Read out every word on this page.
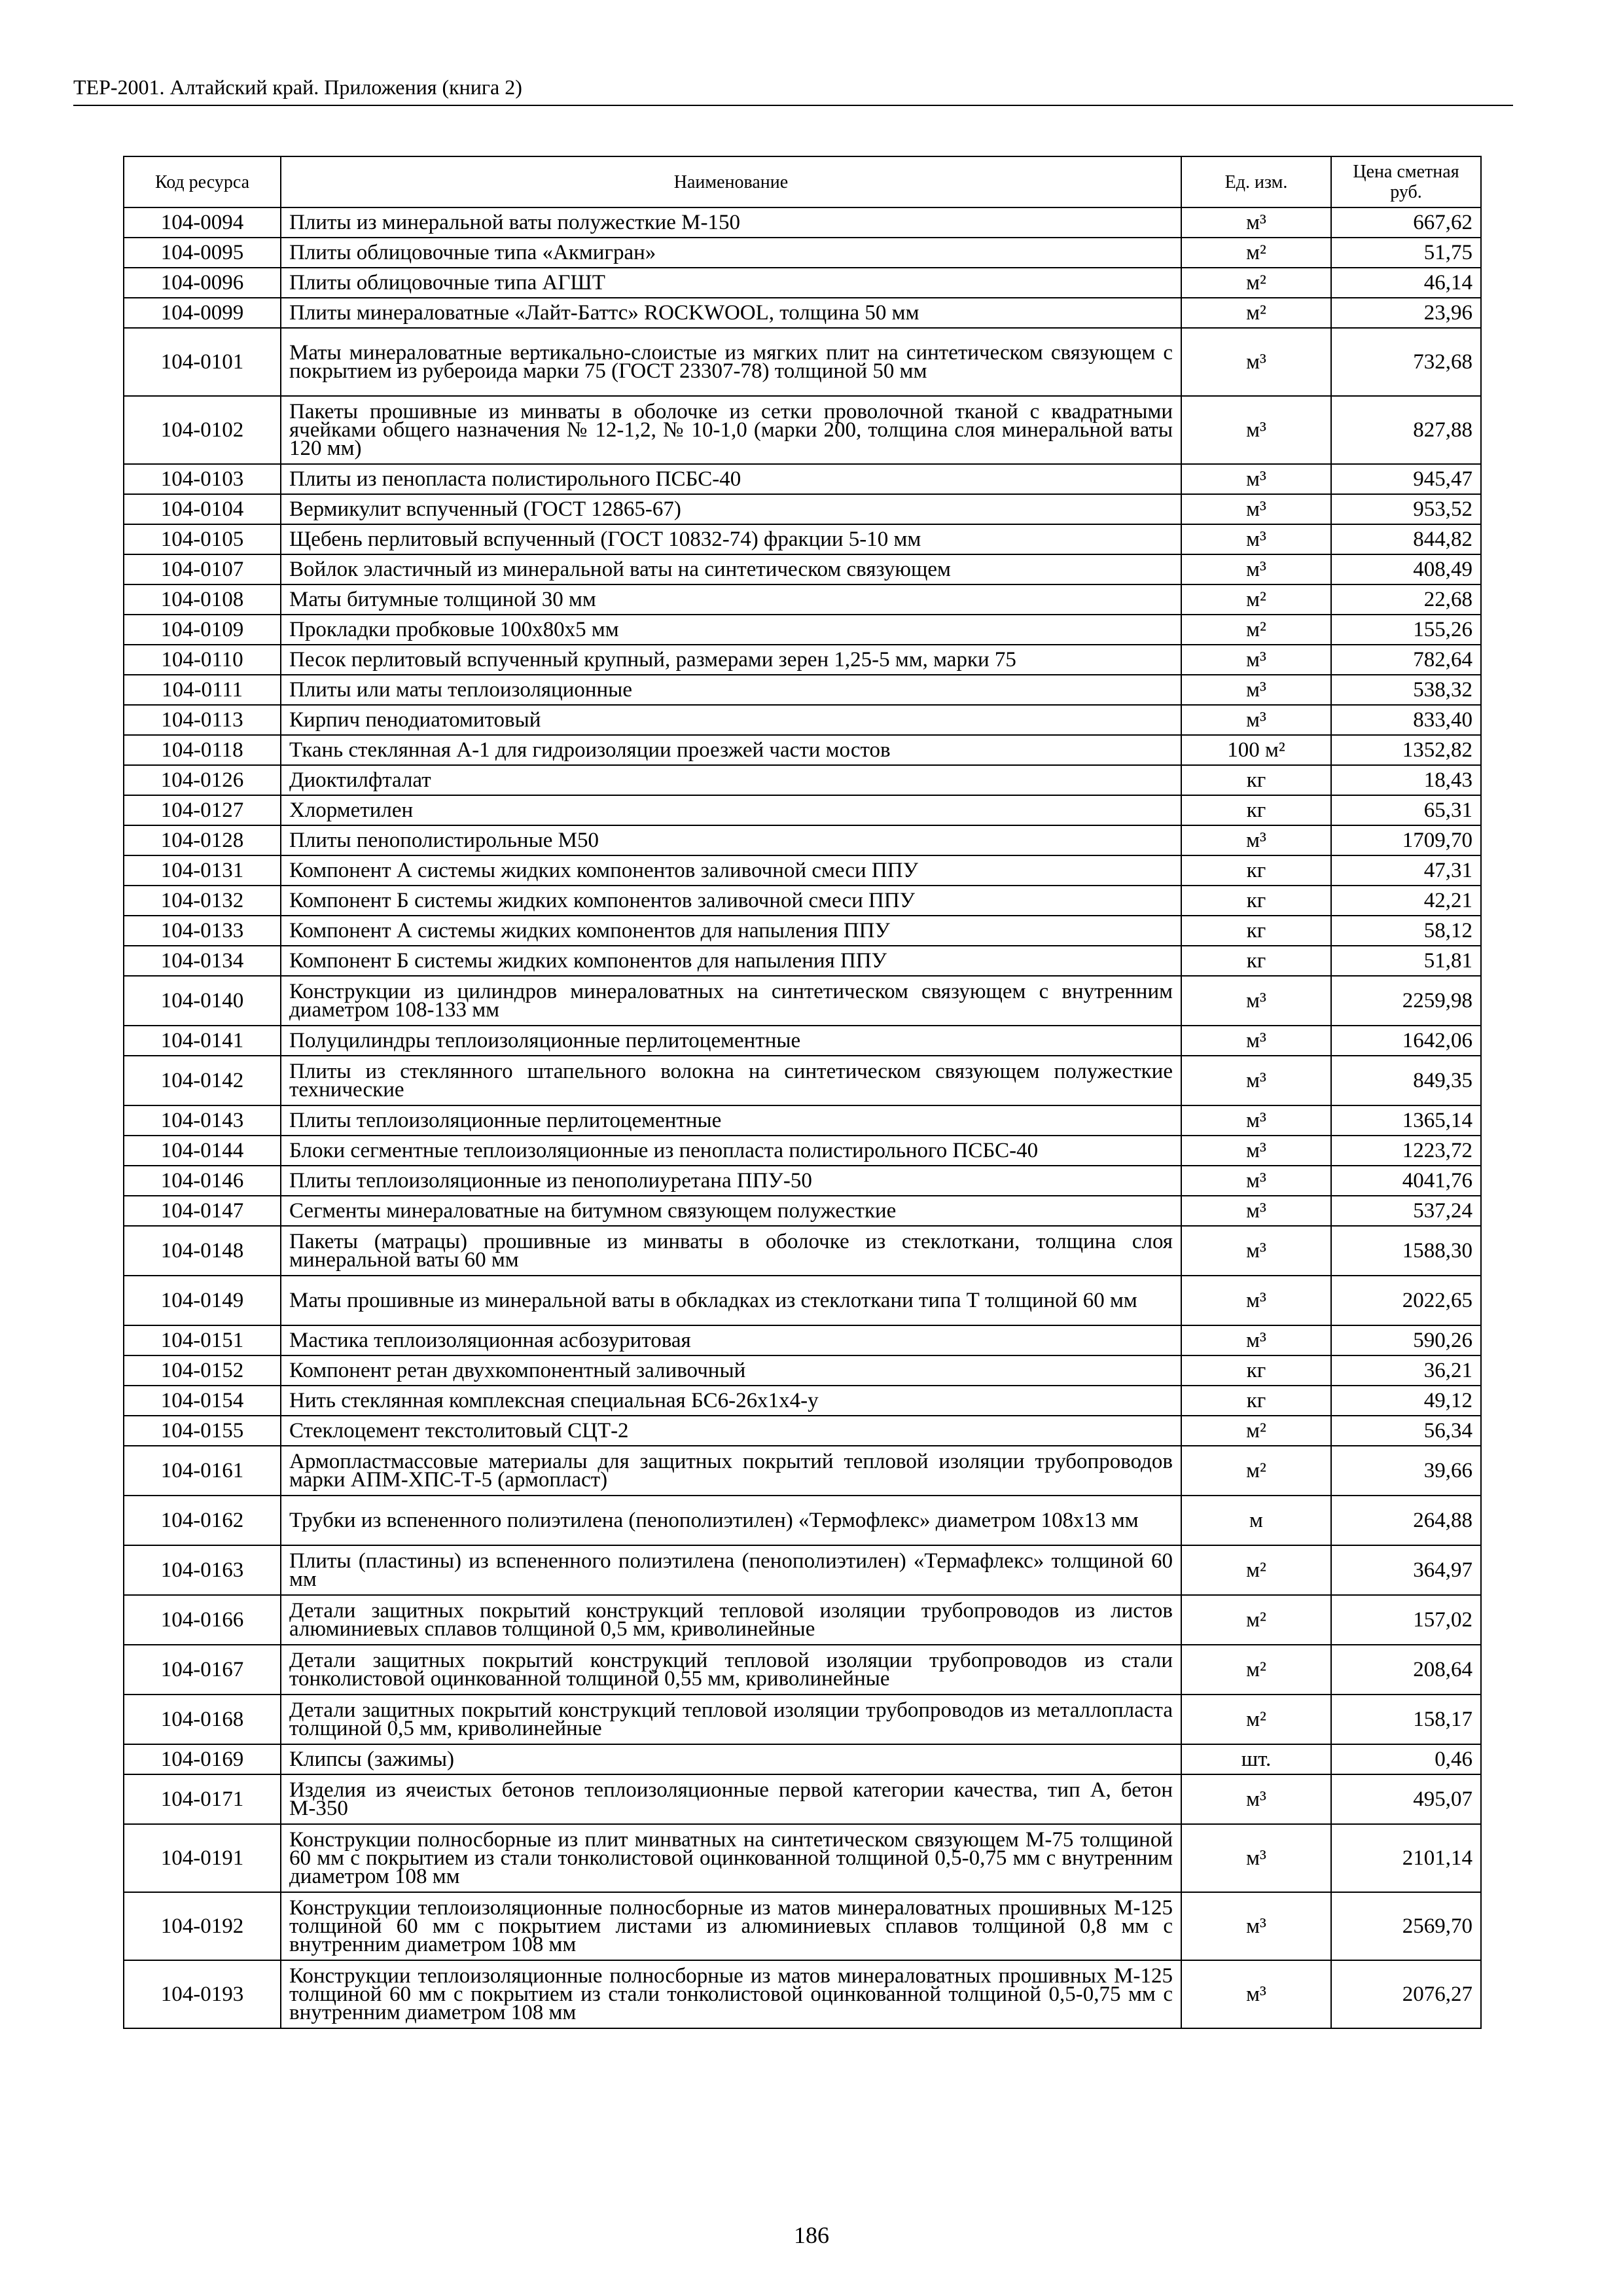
ТЕР-2001. Алтайский край. Приложения (книга 2)
Код ресурса	Наименование	Ед. изм.	Цена сметная руб.
104-0094	Плиты из минеральной ваты полужесткие М-150	м³	667,62
104-0095	Плиты облицовочные типа «Акмигран»	м²	51,75
104-0096	Плиты облицовочные типа АГШТ	м²	46,14
104-0099	Плиты минераловатные «Лайт-Баттс» ROCKWOOL, толщина 50 мм	м²	23,96
104-0101	Маты минераловатные вертикально-слоистые из мягких плит на синтетическом связующем с покрытием из рубероида марки 75 (ГОСТ 23307-78) толщиной 50 мм	м³	732,68
104-0102	Пакеты прошивные из минваты в оболочке из сетки проволочной тканой с квадратными ячейками общего назначения № 12-1,2, № 10-1,0 (марки 200, толщина слоя минеральной ваты 120 мм)	м³	827,88
104-0103	Плиты из пенопласта полистирольного ПСБС-40	м³	945,47
104-0104	Вермикулит вспученный (ГОСТ 12865-67)	м³	953,52
104-0105	Щебень перлитовый вспученный (ГОСТ 10832-74) фракции 5-10 мм	м³	844,82
104-0107	Войлок эластичный из минеральной ваты на синтетическом связующем	м³	408,49
104-0108	Маты битумные толщиной 30 мм	м²	22,68
104-0109	Прокладки пробковые 100х80х5 мм	м²	155,26
104-0110	Песок перлитовый вспученный крупный, размерами зерен 1,25-5 мм, марки 75	м³	782,64
104-0111	Плиты или маты теплоизоляционные	м³	538,32
104-0113	Кирпич пенодиатомитовый	м³	833,40
104-0118	Ткань стеклянная А-1 для гидроизоляции проезжей части мостов	100 м²	1352,82
104-0126	Диоктилфталат	кг	18,43
104-0127	Хлорметилен	кг	65,31
104-0128	Плиты пенополистирольные М50	м³	1709,70
104-0131	Компонент А системы жидких компонентов заливочной смеси ППУ	кг	47,31
104-0132	Компонент Б системы жидких компонентов заливочной смеси ППУ	кг	42,21
104-0133	Компонент А системы жидких компонентов для напыления ППУ	кг	58,12
104-0134	Компонент Б системы жидких компонентов для напыления ППУ	кг	51,81
104-0140	Конструкции из цилиндров минераловатных на синтетическом связующем с внутренним диаметром 108-133 мм	м³	2259,98
104-0141	Полуцилиндры теплоизоляционные перлитоцементные	м³	1642,06
104-0142	Плиты из стеклянного штапельного волокна на синтетическом связующем полужесткие технические	м³	849,35
104-0143	Плиты теплоизоляционные перлитоцементные	м³	1365,14
104-0144	Блоки сегментные теплоизоляционные из пенопласта полистирольного ПСБС-40	м³	1223,72
104-0146	Плиты теплоизоляционные из пенополиуретана ППУ-50	м³	4041,76
104-0147	Сегменты минераловатные на битумном связующем полужесткие	м³	537,24
104-0148	Пакеты (матрацы) прошивные из минваты в оболочке из стеклоткани, толщина слоя минеральной ваты 60 мм	м³	1588,30
104-0149	Маты прошивные из минеральной ваты в обкладках из стеклоткани типа Т толщиной 60 мм	м³	2022,65
104-0151	Мастика теплоизоляционная асбозуритовая	м³	590,26
104-0152	Компонент ретан двухкомпонентный заливочный	кг	36,21
104-0154	Нить стеклянная комплексная специальная БС6-26х1х4-у	кг	49,12
104-0155	Стеклоцемент текстолитовый СЦТ-2	м²	56,34
104-0161	Армопластмассовые материалы для защитных покрытий тепловой изоляции трубопроводов марки АПМ-ХПС-Т-5 (армопласт)	м²	39,66
104-0162	Трубки из вспененного полиэтилена (пенополиэтилен) «Термофлекс» диаметром 108х13 мм	м	264,88
104-0163	Плиты (пластины) из вспененного полиэтилена (пенополиэтилен) «Термафлекс» толщиной 60 мм	м²	364,97
104-0166	Детали защитных покрытий конструкций тепловой изоляции трубопроводов из листов алюминиевых сплавов толщиной 0,5 мм, криволинейные	м²	157,02
104-0167	Детали защитных покрытий конструкций тепловой изоляции трубопроводов из стали тонколистовой оцинкованной толщиной 0,55 мм, криволинейные	м²	208,64
104-0168	Детали защитных покрытий конструкций тепловой изоляции трубопроводов из металлопласта толщиной 0,5 мм, криволинейные	м²	158,17
104-0169	Клипсы (зажимы)	шт.	0,46
104-0171	Изделия из ячеистых бетонов теплоизоляционные первой категории качества, тип А, бетон М-350	м³	495,07
104-0191	Конструкции полносборные из плит минватных на синтетическом связующем М-75 толщиной 60 мм с покрытием из стали тонколистовой оцинкованной толщиной 0,5-0,75 мм с внутренним диаметром 108 мм	м³	2101,14
104-0192	Конструкции теплоизоляционные полносборные из матов минераловатных прошивных М-125 толщиной 60 мм с покрытием листами из алюминиевых сплавов толщиной 0,8 мм с внутренним диаметром 108 мм	м³	2569,70
104-0193	Конструкции теплоизоляционные полносборные из матов минераловатных прошивных М-125 толщиной 60 мм с покрытием из стали тонколистовой оцинкованной толщиной 0,5-0,75 мм с внутренним диаметром 108 мм	м³	2076,27
186
